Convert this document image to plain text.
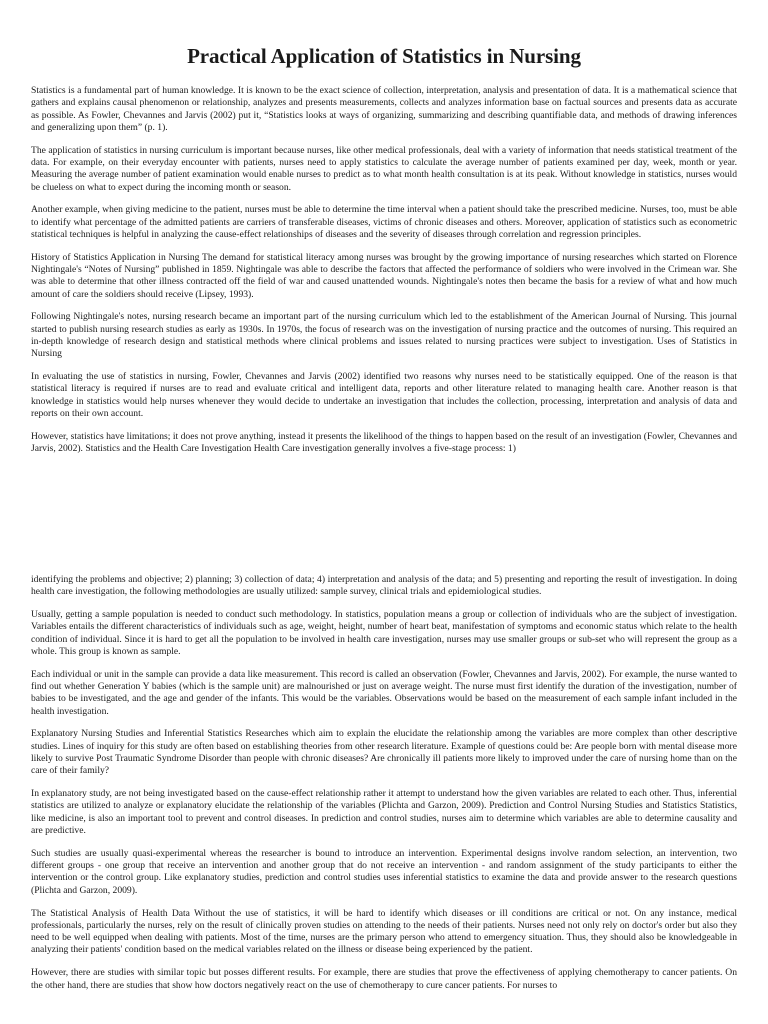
Practical Application of Statistics in Nursing

Statistics is a fundamental part of human knowledge. It is known to be the exact science of collection, interpretation, analysis and presentation of data. It is a mathematical science that gathers and explains causal phenomenon or relationship, analyzes and presents measurements, collects and analyzes information base on factual sources and presents data as accurate as possible. As Fowler, Chevannes and Jarvis (2002) put it, “Statistics looks at ways of organizing, summarizing and describing quantifiable data, and methods of drawing inferences and generalizing upon them” (p. 1).

The application of statistics in nursing curriculum is important because nurses, like other medical professionals, deal with a variety of information that needs statistical treatment of the data. For example, on their everyday encounter with patients, nurses need to apply statistics to calculate the average number of patients examined per day, week, month or year. Measuring the average number of patient examination would enable nurses to predict as to what month health consultation is at its peak. Without knowledge in statistics, nurses would be clueless on what to expect during the incoming month or season.

Another example, when giving medicine to the patient, nurses must be able to determine the time interval when a patient should take the prescribed medicine. Nurses, too, must be able to identify what percentage of the admitted patients are carriers of transferable diseases, victims of chronic diseases and others. Moreover, application of statistics such as econometric statistical techniques is helpful in analyzing the cause-effect relationships of diseases and the severity of diseases through correlation and regression principles.

History of Statistics Application in Nursing The demand for statistical literacy among nurses was brought by the growing importance of nursing researches which started on Florence Nightingale's “Notes of Nursing” published in 1859. Nightingale was able to describe the factors that affected the performance of soldiers who were involved in the Crimean war. She was able to determine that other illness contracted off the field of war and caused unattended wounds. Nightingale's notes then became the basis for a review of what and how much amount of care the soldiers should receive (Lipsey, 1993).

Following Nightingale's notes, nursing research became an important part of the nursing curriculum which led to the establishment of the American Journal of Nursing. This journal started to publish nursing research studies as early as 1930s. In 1970s, the focus of research was on the investigation of nursing practice and the outcomes of nursing. This required an in-depth knowledge of research design and statistical methods where clinical problems and issues related to nursing practices were subject to investigation. Uses of Statistics in Nursing

In evaluating the use of statistics in nursing, Fowler, Chevannes and Jarvis (2002) identified two reasons why nurses need to be statistically equipped. One of the reason is that statistical literacy is required if nurses are to read and evaluate critical and intelligent data, reports and other literature related to managing health care. Another reason is that knowledge in statistics would help nurses whenever they would decide to undertake an investigation that includes the collection, processing, interpretation and analysis of data and reports on their own account.

However, statistics have limitations; it does not prove anything, instead it presents the likelihood of the things to happen based on the result of an investigation (Fowler, Chevannes and Jarvis, 2002). Statistics and the Health Care Investigation Health Care investigation generally involves a five-stage process: 1)

identifying the problems and objective; 2) planning; 3) collection of data; 4) interpretation and analysis of the data; and 5) presenting and reporting the result of investigation. In doing health care investigation, the following methodologies are usually utilized: sample survey, clinical trials and epidemiological studies.

Usually, getting a sample population is needed to conduct such methodology. In statistics, population means a group or collection of individuals who are the subject of investigation. Variables entails the different characteristics of individuals such as age, weight, height, number of heart beat, manifestation of symptoms and economic status which relate to the health condition of individual. Since it is hard to get all the population to be involved in health care investigation, nurses may use smaller groups or sub-set who will represent the group as a whole. This group is known as sample.

Each individual or unit in the sample can provide a data like measurement. This record is called an observation (Fowler, Chevannes and Jarvis, 2002). For example, the nurse wanted to find out whether Generation Y babies (which is the sample unit) are malnourished or just on average weight. The nurse must first identify the duration of the investigation, number of babies to be investigated, and the age and gender of the infants. This would be the variables. Observations would be based on the measurement of each sample infant included in the health investigation.

Explanatory Nursing Studies and Inferential Statistics Researches which aim to explain the elucidate the relationship among the variables are more complex than other descriptive studies. Lines of inquiry for this study are often based on establishing theories from other research literature. Example of questions could be: Are people born with mental disease more likely to survive Post Traumatic Syndrome Disorder than people with chronic diseases? Are chronically ill patients more likely to improved under the care of nursing home than on the care of their family?

In explanatory study, are not being investigated based on the cause-effect relationship rather it attempt to understand how the given variables are related to each other. Thus, inferential statistics are utilized to analyze or explanatory elucidate the relationship of the variables (Plichta and Garzon, 2009). Prediction and Control Nursing Studies and Statistics Statistics, like medicine, is also an important tool to prevent and control diseases. In prediction and control studies, nurses aim to determine which variables are able to determine causality and are predictive.

Such studies are usually quasi-experimental whereas the researcher is bound to introduce an intervention. Experimental designs involve random selection, an intervention, two different groups - one group that receive an intervention and another group that do not receive an intervention - and random assignment of the study participants to either the intervention or the control group. Like explanatory studies, prediction and control studies uses inferential statistics to examine the data and provide answer to the research questions (Plichta and Garzon, 2009).

The Statistical Analysis of Health Data Without the use of statistics, it will be hard to identify which diseases or ill conditions are critical or not. On any instance, medical professionals, particularly the nurses, rely on the result of clinically proven studies on attending to the needs of their patients. Nurses need not only rely on doctor's order but also they need to be well equipped when dealing with patients. Most of the time, nurses are the primary person who attend to emergency situation. Thus, they should also be knowledgeable in analyzing their patients' condition based on the medical variables related on the illness or disease being experienced by the patient.

However, there are studies with similar topic but posses different results. For example, there are studies that prove the effectiveness of applying chemotherapy to cancer patients. On the other hand, there are studies that show how doctors negatively react on the use of chemotherapy to cure cancer patients. For nurses to
